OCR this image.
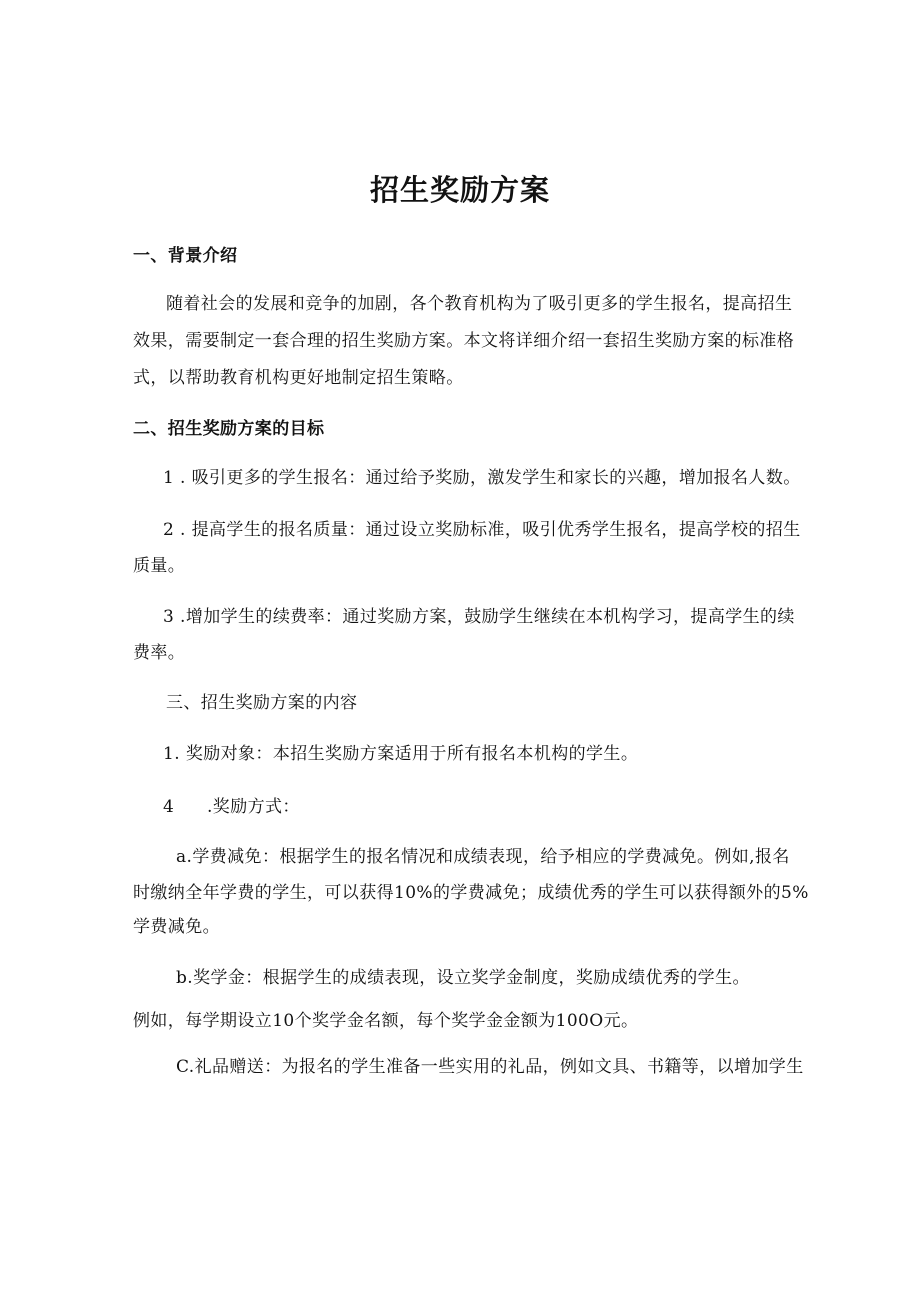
招生奖励方案
一、背景介绍
随着社会的发展和竞争的加剧，各个教育机构为了吸引更多的学生报名，提高招生
效果，需要制定一套合理的招生奖励方案。本文将详细介绍一套招生奖励方案的标准格
式，以帮助教育机构更好地制定招生策略。
二、招生奖励方案的目标
1 . 吸引更多的学生报名：通过给予奖励，激发学生和家长的兴趣，增加报名人数。
2 . 提高学生的报名质量：通过设立奖励标准，吸引优秀学生报名，提高学校的招生
质量。
3 .增加学生的续费率：通过奖励方案，鼓励学生继续在本机构学习，提高学生的续
费率。
三、招生奖励方案的内容
1. 奖励对象：本招生奖励方案适用于所有报名本机构的学生。
4 .奖励方式：
a.学费减免：根据学生的报名情况和成绩表现，给予相应的学费减免。例如,报名
时缴纳全年学费的学生，可以获得10%的学费减免；成绩优秀的学生可以获得额外的5%
学费减免。
b.奖学金：根据学生的成绩表现，设立奖学金制度，奖励成绩优秀的学生。
例如，每学期设立10个奖学金名额，每个奖学金金额为100O元。
C.礼品赠送：为报名的学生准备一些实用的礼品，例如文具、书籍等，以增加学生
